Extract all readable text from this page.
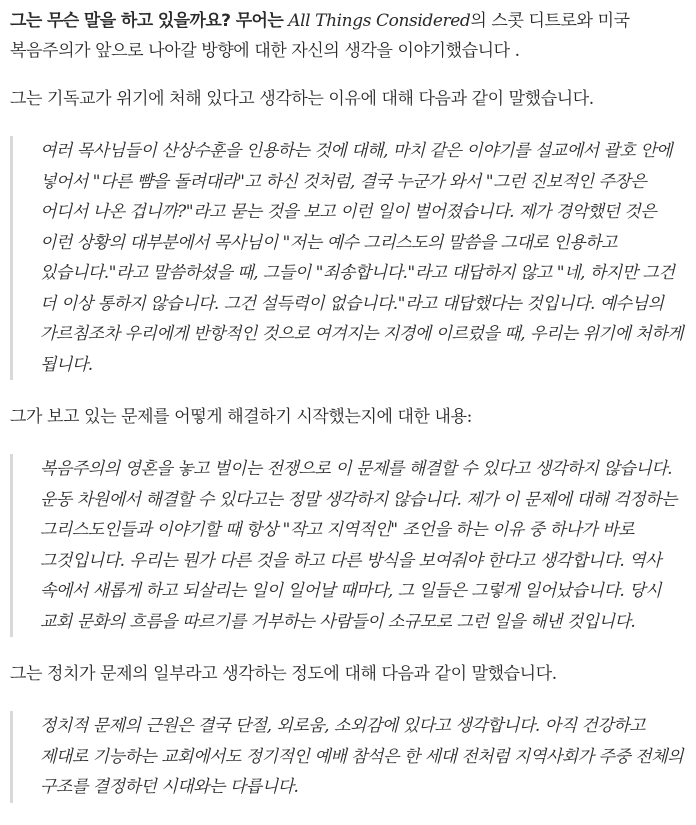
그는 무슨 말을 하고 있을까요? 무어는 All Things Considered의 스콧 디트로와 미국 복음주의가 앞으로 나아갈 방향에 대한 자신의 생각을 이야기했습니다 .

그는 기독교가 위기에 처해 있다고 생각하는 이유에 대해 다음과 같이 말했습니다.

여러 목사님들이 산상수훈을 인용하는 것에 대해, 마치 같은 이야기를 설교에서 괄호 안에 넣어서 "다른 뺨을 돌려대라"고 하신 것처럼, 결국 누군가 와서 "그런 진보적인 주장은 어디서 나온 겁니까?"라고 묻는 것을 보고 이런 일이 벌어졌습니다. 제가 경악했던 것은 이런 상황의 대부분에서 목사님이 "저는 예수 그리스도의 말씀을 그대로 인용하고 있습니다."라고 말씀하셨을 때, 그들이 "죄송합니다."라고 대답하지 않고 "네, 하지만 그건 더 이상 통하지 않습니다. 그건 설득력이 없습니다."라고 대답했다는 것입니다. 예수님의 가르침조차 우리에게 반항적인 것으로 여겨지는 지경에 이르렀을 때, 우리는 위기에 처하게 됩니다.

그가 보고 있는 문제를 어떻게 해결하기 시작했는지에 대한 내용:

복음주의의 영혼을 놓고 벌이는 전쟁으로 이 문제를 해결할 수 있다고 생각하지 않습니다. 운동 차원에서 해결할 수 있다고는 정말 생각하지 않습니다. 제가 이 문제에 대해 걱정하는 그리스도인들과 이야기할 때 항상 "작고 지역적인" 조언을 하는 이유 중 하나가 바로 그것입니다. 우리는 뭔가 다른 것을 하고 다른 방식을 보여줘야 한다고 생각합니다. 역사 속에서 새롭게 하고 되살리는 일이 일어날 때마다, 그 일들은 그렇게 일어났습니다. 당시 교회 문화의 흐름을 따르기를 거부하는 사람들이 소규모로 그런 일을 해낸 것입니다.

그는 정치가 문제의 일부라고 생각하는 정도에 대해 다음과 같이 말했습니다.

정치적 문제의 근원은 결국 단절, 외로움, 소외감에 있다고 생각합니다. 아직 건강하고 제대로 기능하는 교회에서도 정기적인 예배 참석은 한 세대 전처럼 지역사회가 주중 전체의 구조를 결정하던 시대와는 다릅니다.
